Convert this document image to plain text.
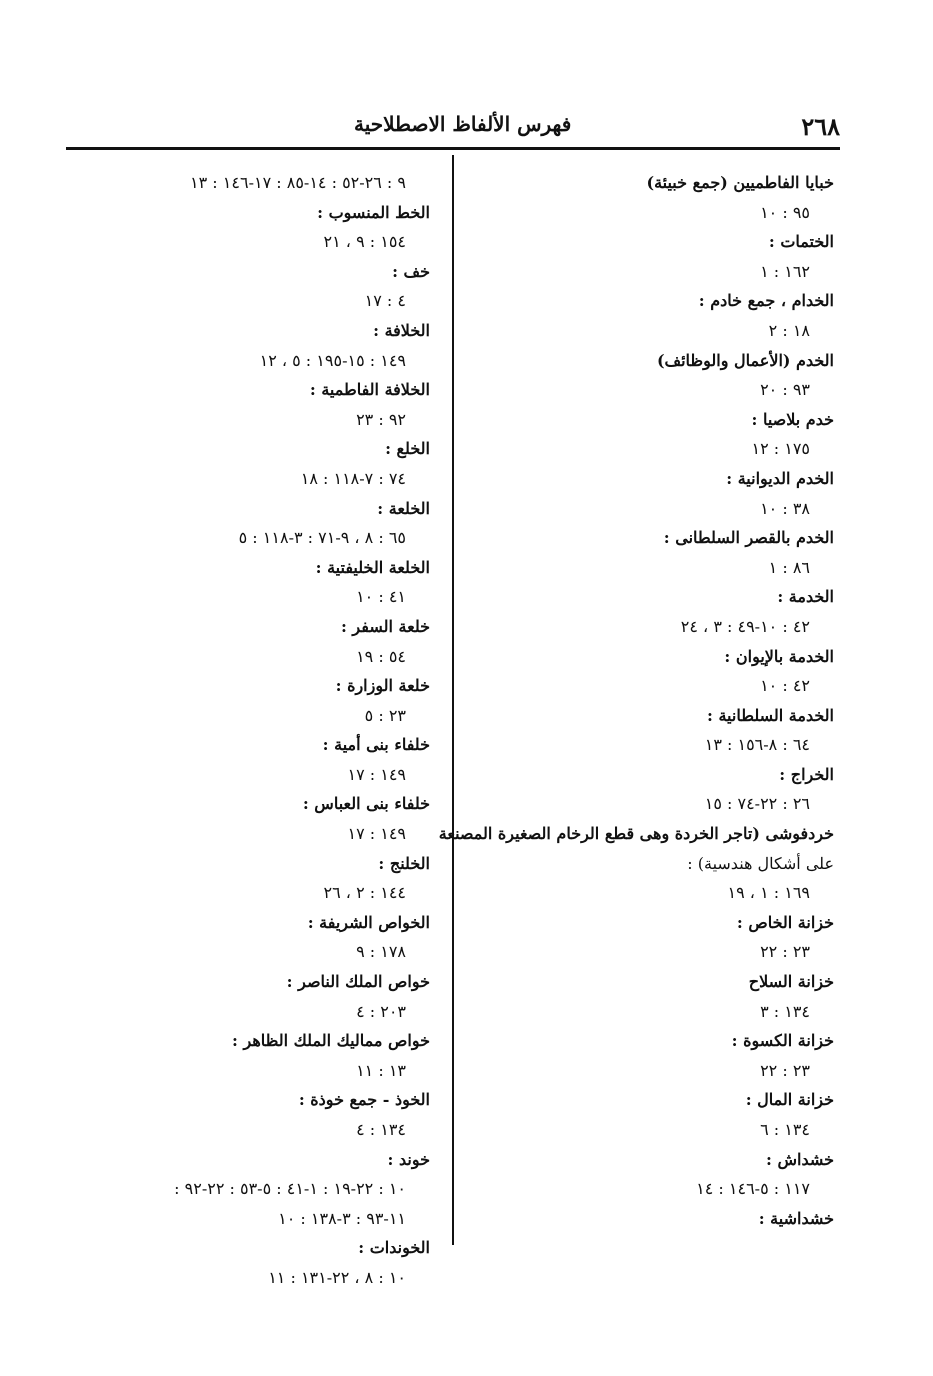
٢٦٨
فهرس الألفاظ الاصطلاحية
خبايا الفاطميين (جمع خبيئة)
٩٥ : ١٠
الختمات :
١٦٢ : ١
الخدام ، جمع خادم :
١٨ : ٢
الخدم (الأعمال والوظائف)
٩٣ : ٢٠
خدم بلاصيا :
١٧٥ : ١٢
الخدم الديوانية :
٣٨ : ١٠
الخدم بالقصر السلطانى :
٨٦ : ١
الخدمة :
٤٢ : ١٠-٤٩ : ٣ ، ٢٤
الخدمة بالإيوان :
٤٢ : ١٠
الخدمة السلطانية :
٦٤ : ٨-١٥٦ : ١٣
الخراج :
٢٦ : ٢٢-٧٤ : ١٥
خردفوشى (تاجر الخردة وهى قطع الرخام الصغيرة المصنعة
على أشكال هندسية) :
١٦٩ : ١ ، ١٩
خزانة الخاص :
٢٣ : ٢٢
خزانة السلاح
١٣٤ : ٣
خزانة الكسوة :
٢٣ : ٢٢
خزانة المال :
١٣٤ : ٦
خشداش :
١١٧ : ٥-١٤٦ : ١٤
خشداشية :
٩ : ٢٦-٥٢ : ١٤-٨٥ : ١٧-١٤٦ : ١٣
الخط المنسوب :
١٥٤ : ٩ ، ٢١
خف :
٤ : ١٧
الخلافة :
١٤٩ : ١٥-١٩٥ : ٥ ، ١٢
الخلافة الفاطمية :
٩٢ : ٢٣
الخلع :
٧٤ : ٧-١١٨ : ١٨
الخلعة :
٦٥ : ٨ ، ٩-٧١ : ٣-١١٨ : ٥
الخلعة الخليفتية :
٤١ : ١٠
خلعة السفر :
٥٤ : ١٩
خلعة الوزارة :
٢٣ : ٥
خلفاء بنى أمية :
١٤٩ : ١٧
خلفاء بنى العباس :
١٤٩ : ١٧
الخلنج :
١٤٤ : ٢ ، ٢٦
الخواص الشريفة :
١٧٨ : ٩
خواص الملك الناصر :
٢٠٣ : ٤
خواص مماليك الملك الظاهر :
١٣ : ١١
الخوذ - جمع خوذة :
١٣٤ : ٤
خوند :
١٠ : ٢٢-١٩ : ١-٤١ : ٥-٥٣ : ٢٢-٩٢ :
١١-٩٣ : ٣-١٣٨ : ١٠
الخوندات :
١٠ : ٨ ، ٢٢-١٣١ : ١١
